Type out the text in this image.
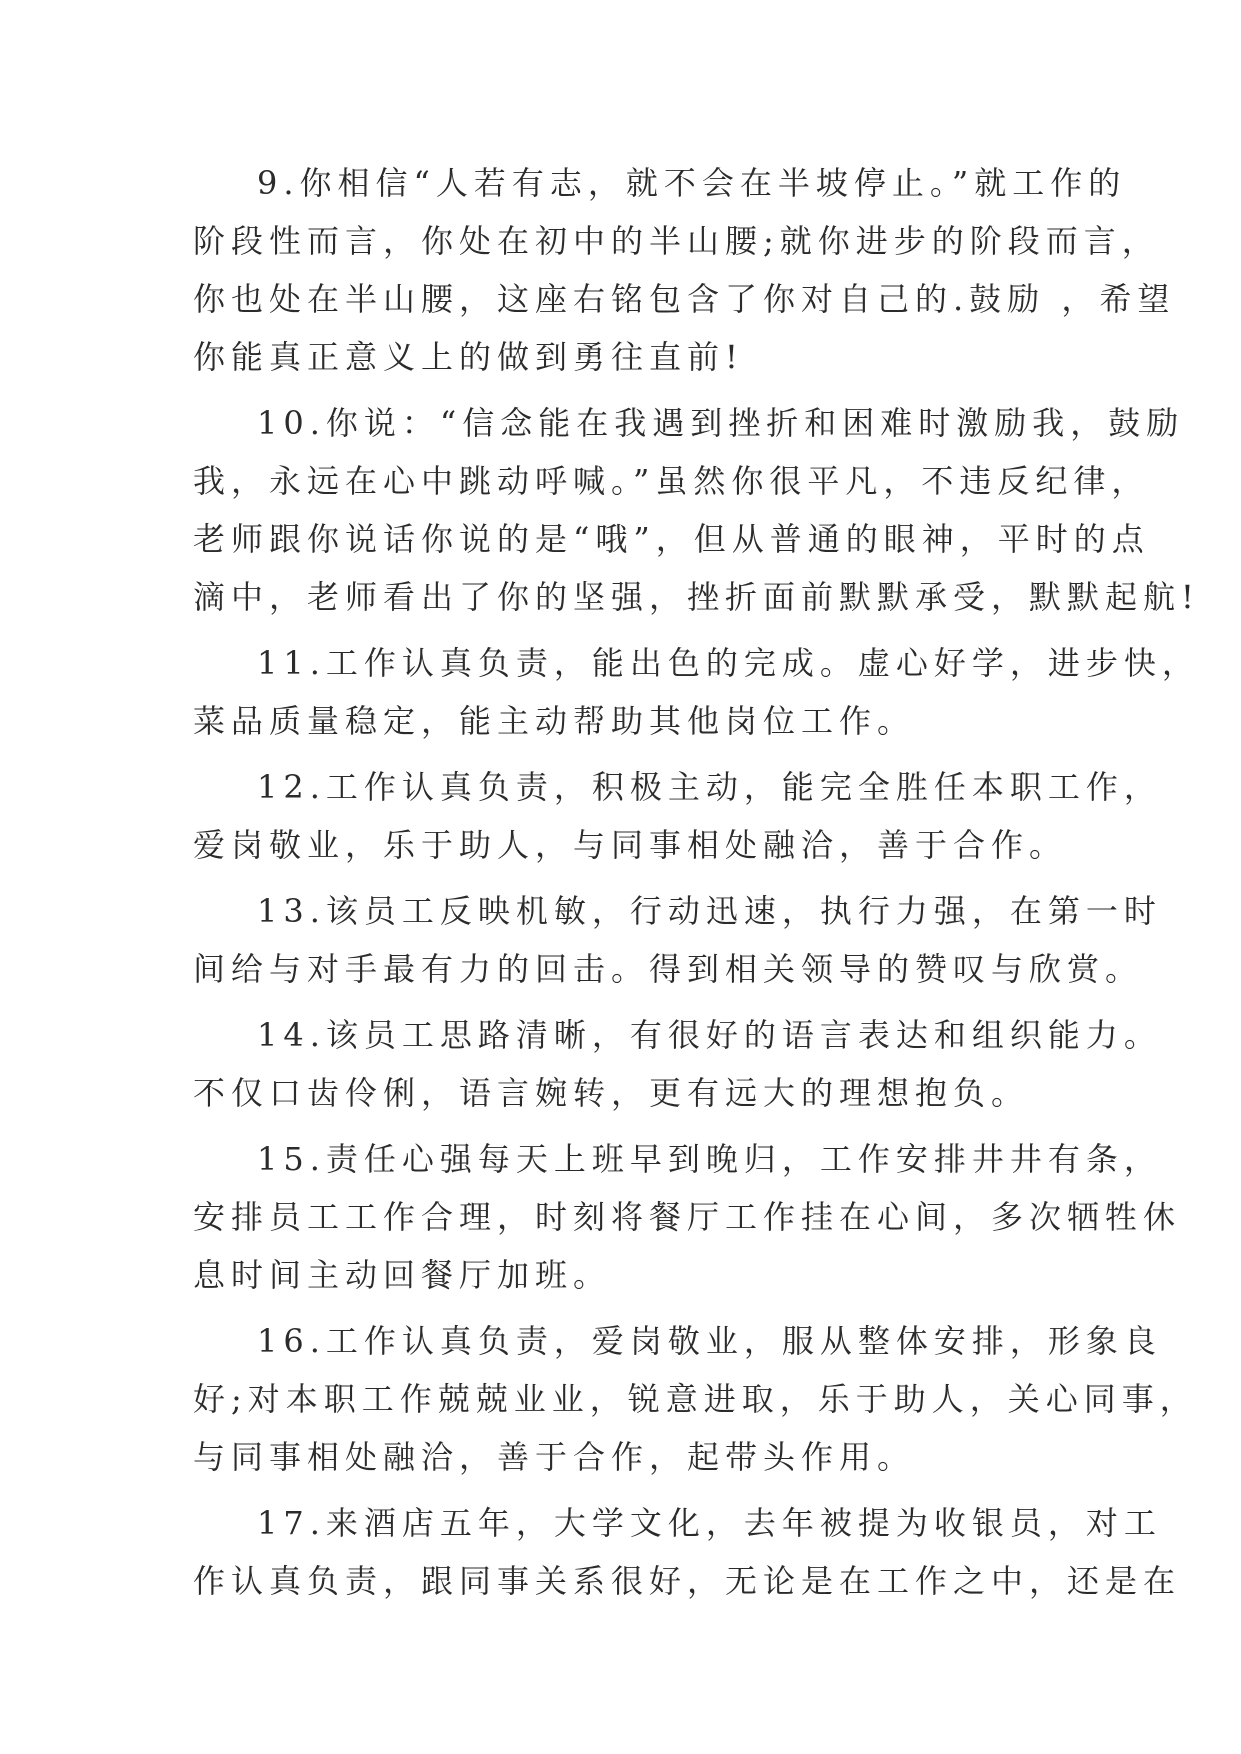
9.你相信“人若有志，就不会在半坡停止。”就工作的
阶段性而言，你处在初中的半山腰;就你进步的阶段而言，
你也处在半山腰，这座右铭包含了你对自己的.鼓励 ，希望
你能真正意义上的做到勇往直前!

10.你说：“信念能在我遇到挫折和困难时激励我，鼓励
我，永远在心中跳动呼喊。”虽然你很平凡，不违反纪律，
老师跟你说话你说的是“哦”，但从普通的眼神，平时的点
滴中，老师看出了你的坚强，挫折面前默默承受，默默起航!

11.工作认真负责，能出色的完成。虚心好学，进步快，
菜品质量稳定，能主动帮助其他岗位工作。

12.工作认真负责，积极主动，能完全胜任本职工作，
爱岗敬业，乐于助人，与同事相处融洽，善于合作。

13.该员工反映机敏，行动迅速，执行力强，在第一时
间给与对手最有力的回击。得到相关领导的赞叹与欣赏。

14.该员工思路清晰，有很好的语言表达和组织能力。
不仅口齿伶俐，语言婉转，更有远大的理想抱负。

15.责任心强每天上班早到晚归，工作安排井井有条，
安排员工工作合理，时刻将餐厅工作挂在心间，多次牺牲休
息时间主动回餐厅加班。

16.工作认真负责，爱岗敬业，服从整体安排，形象良
好;对本职工作兢兢业业，锐意进取，乐于助人，关心同事，
与同事相处融洽，善于合作，起带头作用。

17.来酒店五年，大学文化，去年被提为收银员，对工
作认真负责，跟同事关系很好，无论是在工作之中，还是在
